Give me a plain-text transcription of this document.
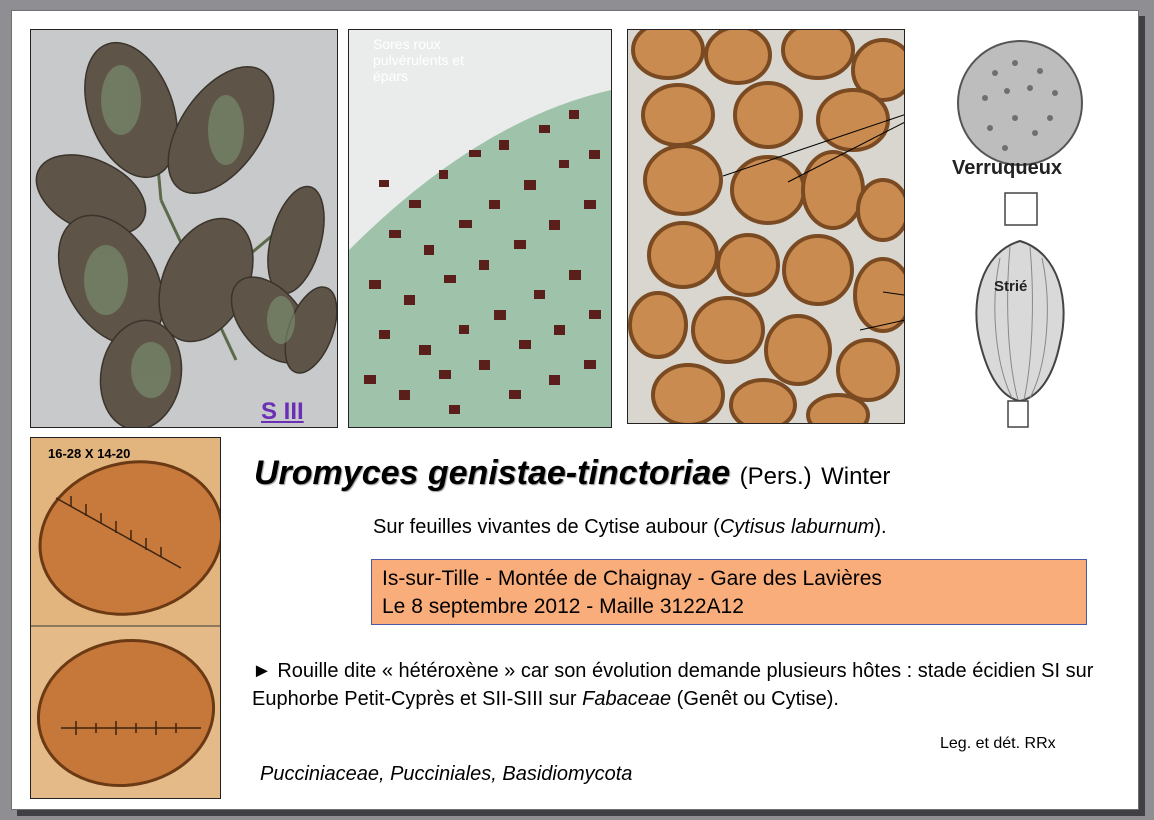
S III
Sores roux pulvérulents et épars
16-28 X 14-20
Verruqueux
Strié
Uromyces genistae-tinctoriae (Pers.) Winter
Sur feuilles vivantes de Cytise aubour (Cytisus laburnum).
Is-sur-Tille - Montée de Chaignay - Gare des Lavières
Le 8 septembre 2012 - Maille 3122A12
► Rouille dite « hétéroxène » car son évolution demande plusieurs hôtes : stade écidien SI sur Euphorbe Petit-Cyprès et SII-SIII sur Fabaceae (Genêt ou Cytise).
Leg. et dét. RRx
Pucciniaceae, Pucciniales, Basidiomycota
